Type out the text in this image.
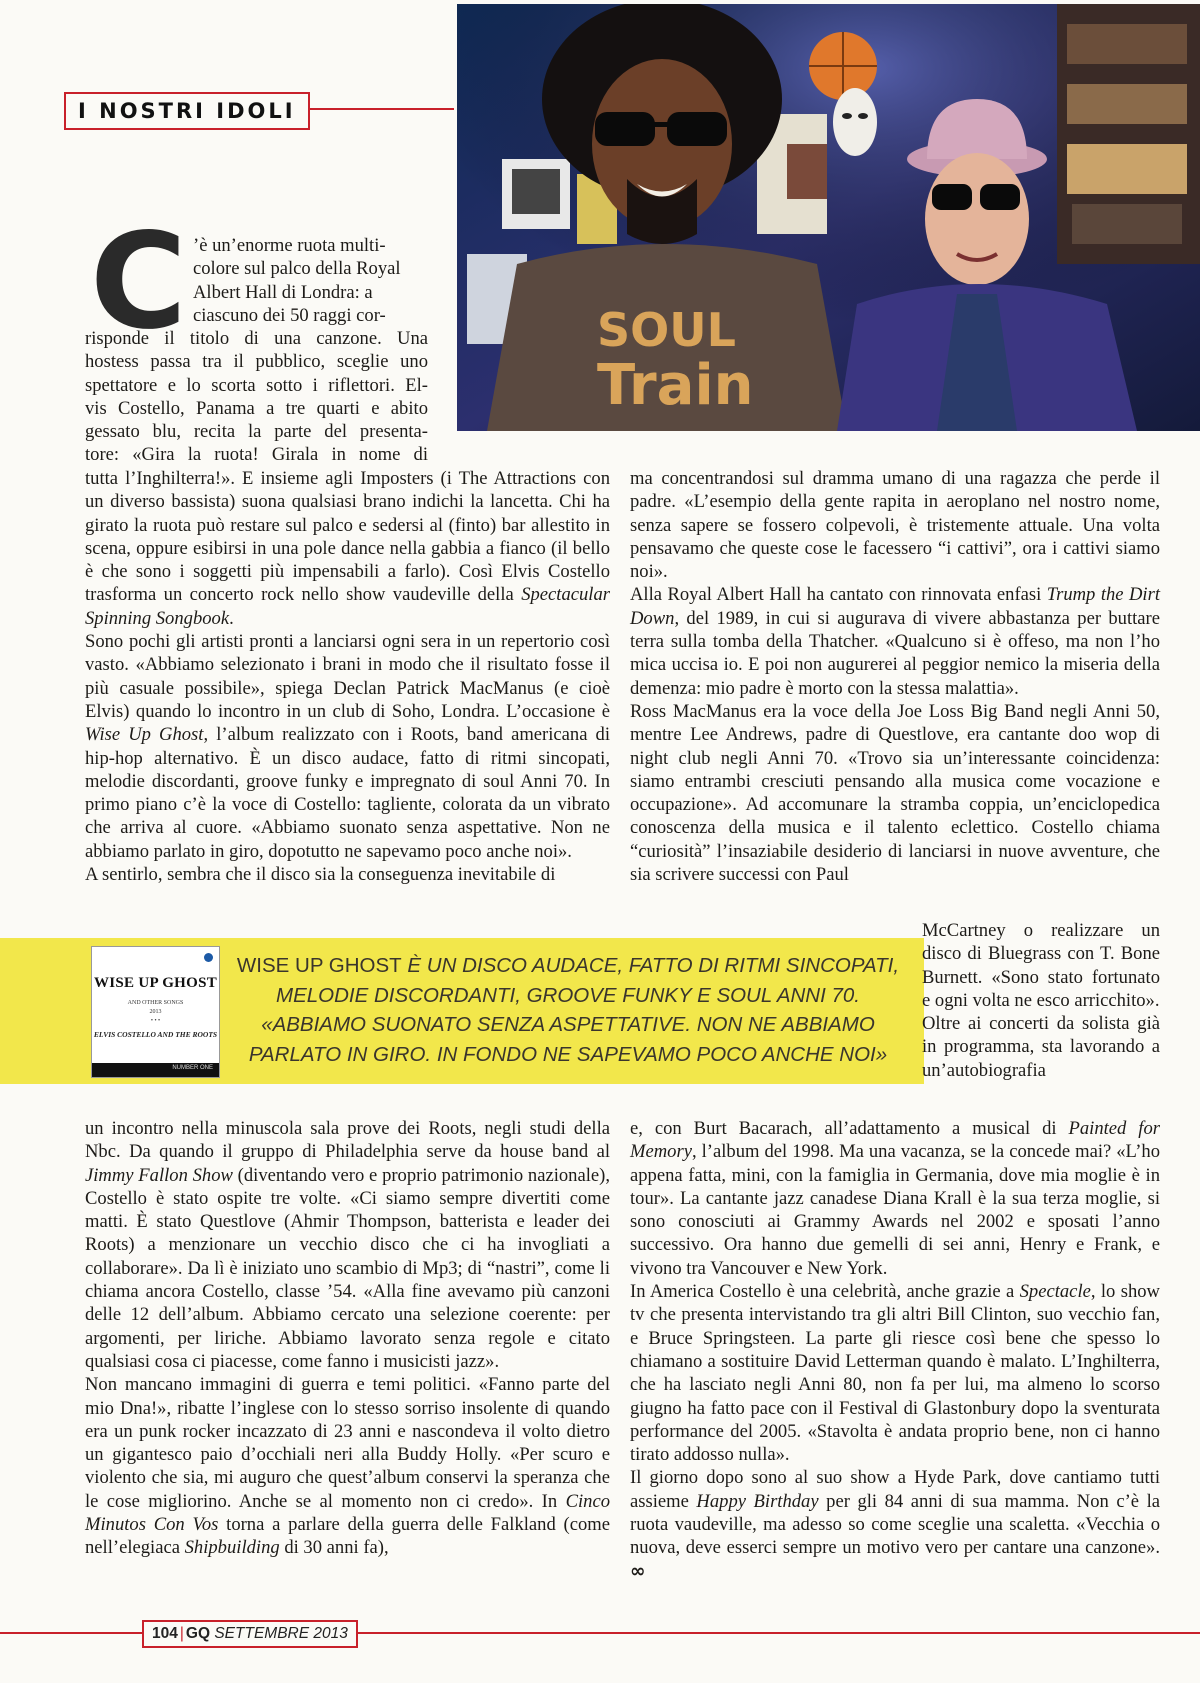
I NOSTRI IDOLI
SOUL
Train
C ’è un’enorme ruota multi-
colore sul palco della Royal
Albert Hall di Londra: a
ciascuno dei 50 raggi cor-
risponde il titolo di una canzone. Una
hostess passa tra il pubblico, sceglie uno
spettatore e lo scorta sotto i riflettori. El-
vis Costello, Panama a tre quarti e abito
gessato blu, recita la parte del presenta-
tore: «Gira la ruota! Girala in nome di

tutta l’Inghilterra!». E insieme agli Imposters (i The Attractions con un diverso bassista) suona qualsiasi brano indichi la lancetta. Chi ha girato la ruota può restare sul palco e sedersi al (finto) bar allestito in scena, oppure esibirsi in una pole dance nella gabbia a fianco (il bello è che sono i soggetti più impensabili a farlo). Così Elvis Costello trasforma un concerto rock nello show vaudeville della Spectacular Spinning Songbook.

Sono pochi gli artisti pronti a lanciarsi ogni sera in un repertorio così vasto. «Abbiamo selezionato i brani in modo che il risultato fosse il più casuale possibile», spiega Declan Patrick MacManus (e cioè Elvis) quando lo incontro in un club di Soho, Londra. L’occasione è Wise Up Ghost, l’album realizzato con i Roots, band americana di hip-hop alternativo. È un disco audace, fatto di ritmi sincopati, melodie discordanti, groove funky e impregnato di soul Anni 70. In primo piano c’è la voce di Costello: tagliente, colorata da un vibrato che arriva al cuore. «Abbiamo suonato senza aspettative. Non ne abbiamo parlato in giro, dopotutto ne sapevamo poco anche noi».

A sentirlo, sembra che il disco sia la conseguenza inevitabile di

ma concentrandosi sul dramma umano di una ragazza che perde il padre. «L’esempio della gente rapita in aeroplano nel nostro nome, senza sapere se fossero colpevoli, è tristemente attuale. Una volta pensavamo che queste cose le facessero “i cattivi”, ora i cattivi siamo noi».

Alla Royal Albert Hall ha cantato con rinnovata enfasi Trump the Dirt Down, del 1989, in cui si augurava di vivere abbastanza per buttare terra sulla tomba della Thatcher. «Qualcuno si è offeso, ma non l’ho mica uccisa io. E poi non augurerei al peggior nemico la miseria della demenza: mio padre è morto con la stessa malattia».

Ross MacManus era la voce della Joe Loss Big Band negli Anni 50, mentre Lee Andrews, padre di Questlove, era cantante doo wop di night club negli Anni 70. «Trovo sia un’interessante coincidenza: siamo entrambi cresciuti pensando alla musica come vocazione e occupazione». Ad accomunare la stramba coppia, un’enciclopedica conoscenza della musica e il talento eclettico. Costello chiama “curiosità” l’insaziabile desiderio di lanciarsi in nuove avventure, che sia scrivere successi con Paul

WISE UP GHOST
AND OTHER SONGS
2013
• • •
ELVIS COSTELLO AND THE ROOTS
NUMBER ONE
WISE UP GHOST È UN DISCO AUDACE, FATTO DI RITMI SINCOPATI, MELODIE DISCORDANTI, GROOVE FUNKY E SOUL ANNI 70. «ABBIAMO SUONATO SENZA ASPETTATIVE. NON NE ABBIAMO PARLATO IN GIRO. IN FONDO NE SAPEVAMO POCO ANCHE NOI»

McCartney o realizzare un disco di Bluegrass con T. Bone Burnett. «Sono stato fortunato e ogni volta ne esco arricchito».

Oltre ai concerti da solista già in programma, sta lavorando a un’autobiografia

un incontro nella minuscola sala prove dei Roots, negli studi della Nbc. Da quando il gruppo di Philadelphia serve da house band al Jimmy Fallon Show (diventando vero e proprio patrimonio nazionale), Costello è stato ospite tre volte. «Ci siamo sempre divertiti come matti. È stato Questlove (Ahmir Thompson, batterista e leader dei Roots) a menzionare un vecchio disco che ci ha invogliati a collaborare». Da lì è iniziato uno scambio di Mp3; di “nastri”, come li chiama ancora Costello, classe ’54. «Alla fine avevamo più canzoni delle 12 dell’album. Abbiamo cercato una selezione coerente: per argomenti, per liriche. Abbiamo lavorato senza regole e citato qualsiasi cosa ci piacesse, come fanno i musicisti jazz».

Non mancano immagini di guerra e temi politici. «Fanno parte del mio Dna!», ribatte l’inglese con lo stesso sorriso insolente di quando era un punk rocker incazzato di 23 anni e nascondeva il volto dietro un gigantesco paio d’occhiali neri alla Buddy Holly. «Per scuro e violento che sia, mi auguro che quest’album conservi la speranza che le cose migliorino. Anche se al momento non ci credo». In Cinco Minutos Con Vos torna a parlare della guerra delle Falkland (come nell’elegiaca Shipbuilding di 30 anni fa),

e, con Burt Bacarach, all’adattamento a musical di Painted for Memory, l’album del 1998. Ma una vacanza, se la concede mai? «L’ho appena fatta, mini, con la famiglia in Germania, dove mia moglie è in tour». La cantante jazz canadese Diana Krall è la sua terza moglie, si sono conosciuti ai Grammy Awards nel 2002 e sposati l’anno successivo. Ora hanno due gemelli di sei anni, Henry e Frank, e vivono tra Vancouver e New York.

In America Costello è una celebrità, anche grazie a Spectacle, lo show tv che presenta intervistando tra gli altri Bill Clinton, suo vecchio fan, e Bruce Springsteen. La parte gli riesce così bene che spesso lo chiamano a sostituire David Letterman quando è malato. L’Inghilterra, che ha lasciato negli Anni 80, non fa per lui, ma almeno lo scorso giugno ha fatto pace con il Festival di Glastonbury dopo la sventurata performance del 2005. «Stavolta è andata proprio bene, non ci hanno tirato addosso nulla».

Il giorno dopo sono al suo show a Hyde Park, dove cantiamo tutti assieme Happy Birthday per gli 84 anni di sua mamma. Non c’è la ruota vaudeville, ma adesso so come sceglie una scaletta. «Vecchia o nuova, deve esserci sempre un motivo vero per cantare una canzone». ∞

104 | GQ SETTEMBRE 2013
